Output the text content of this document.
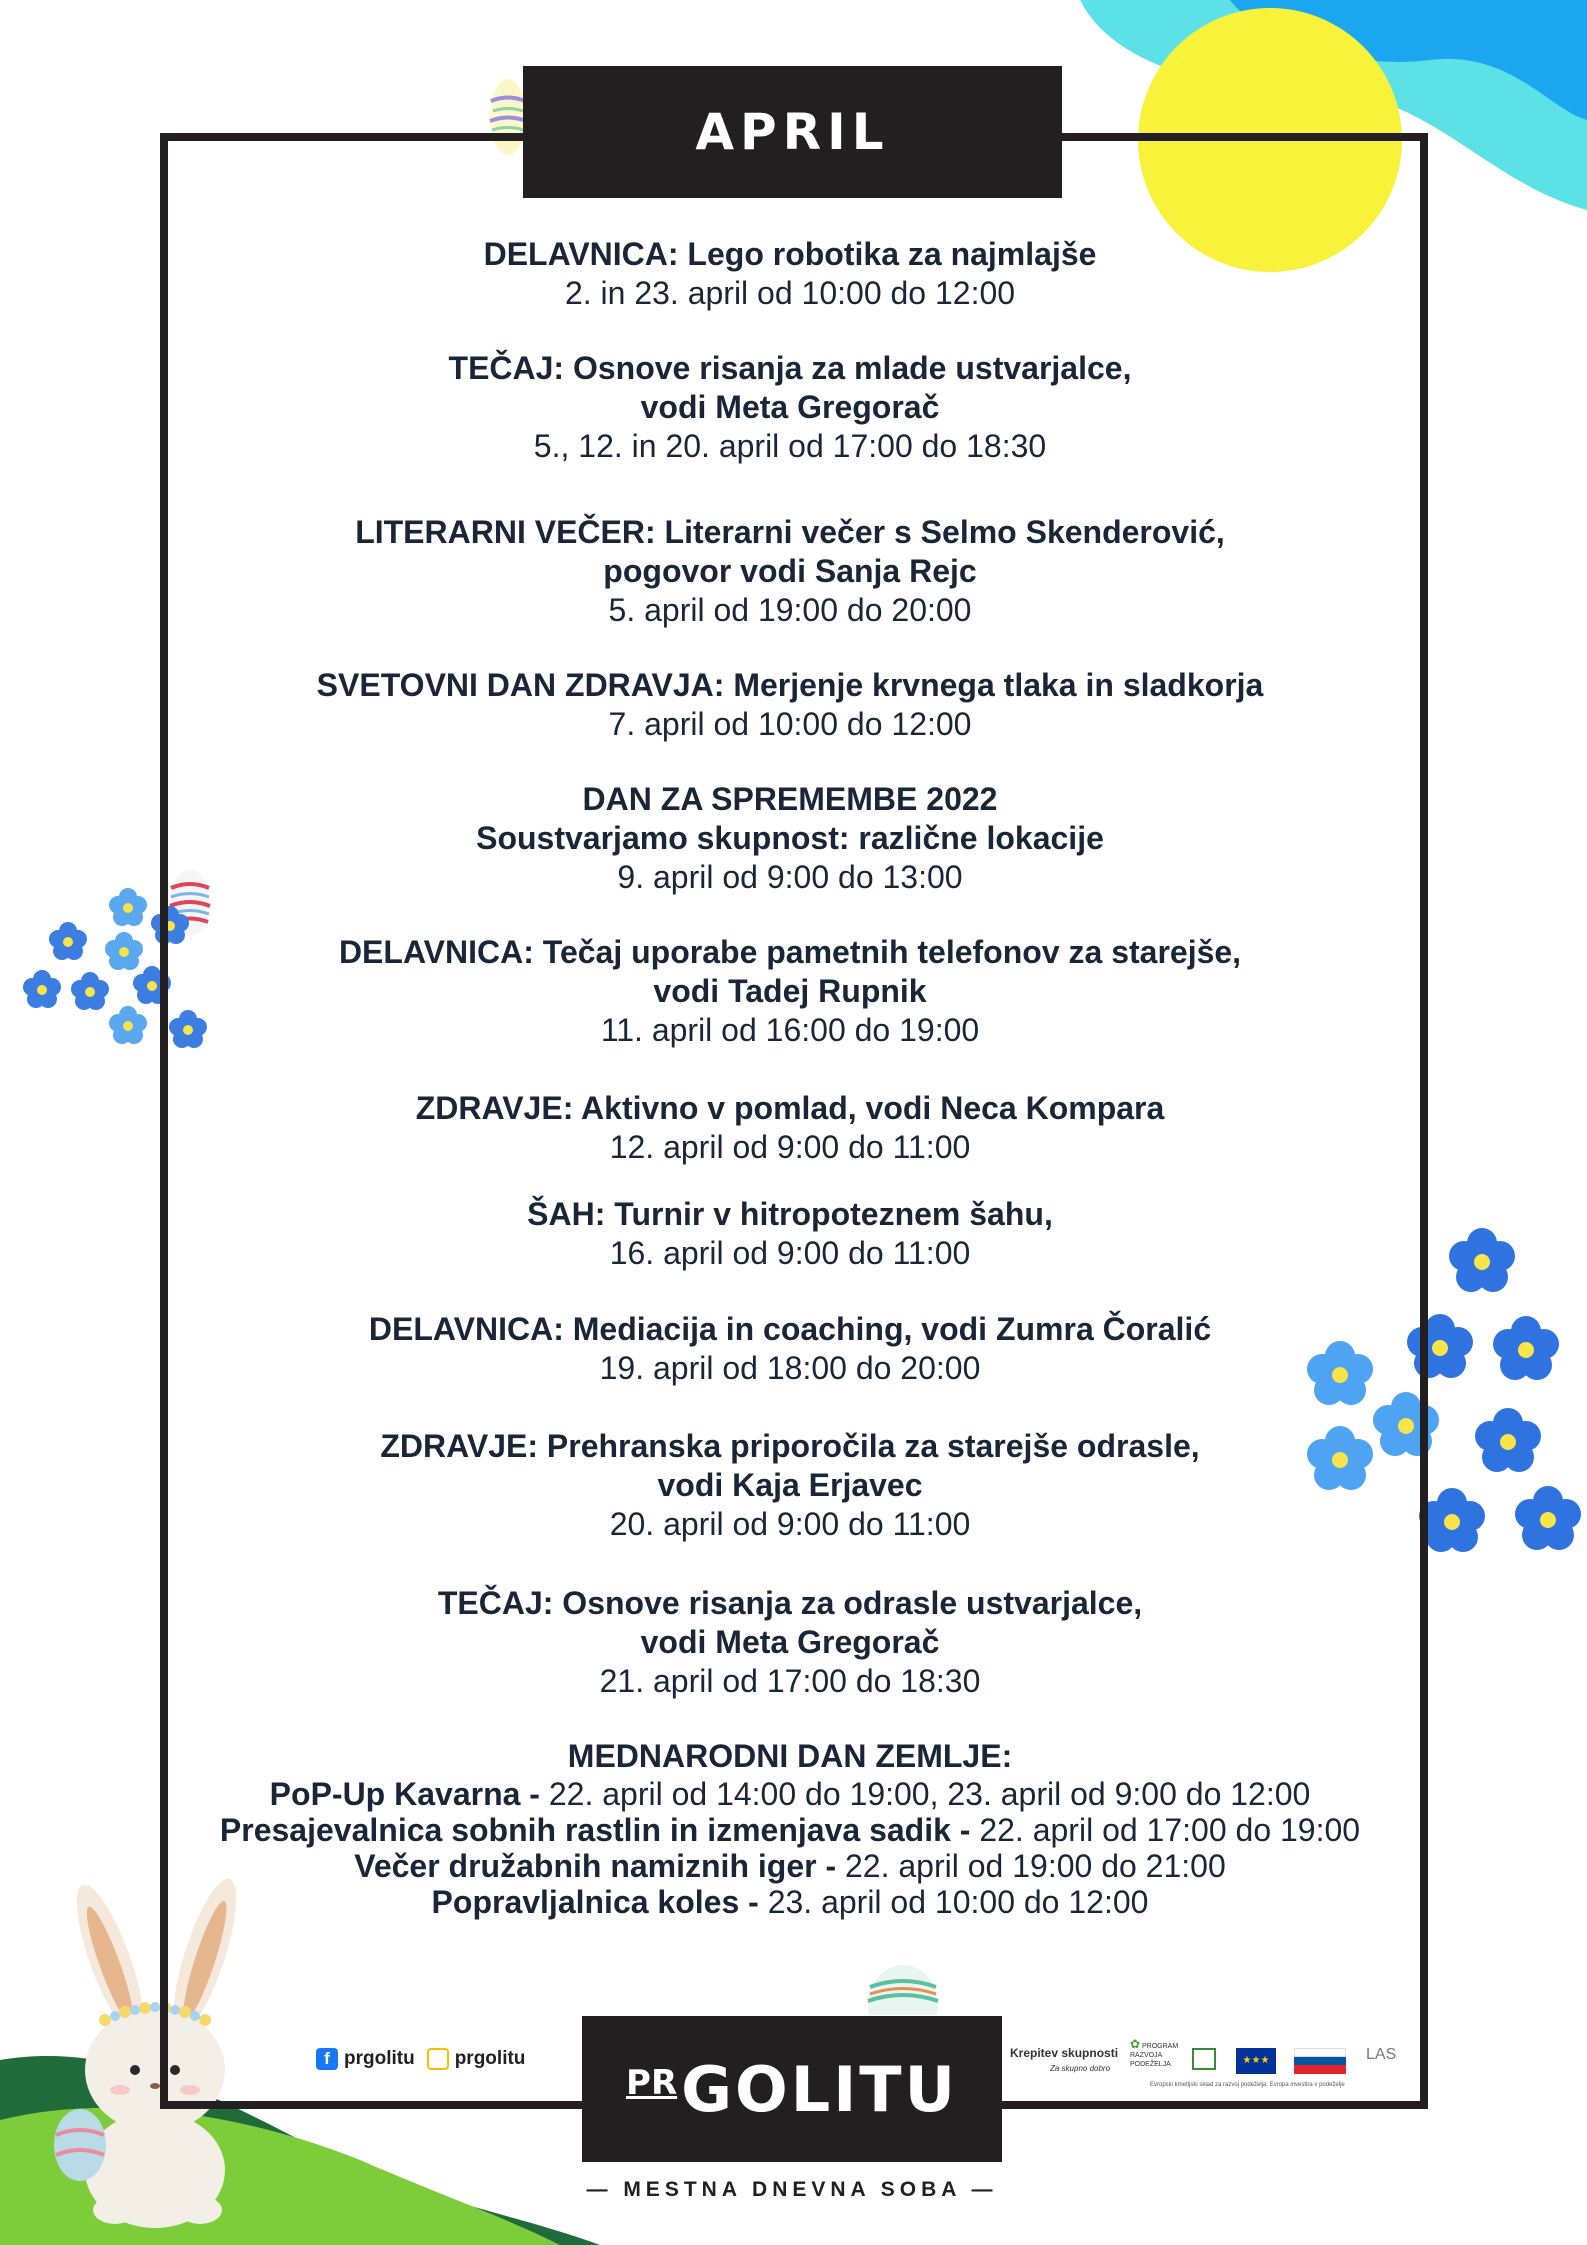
APRIL
DELAVNICA: Lego robotika za najmlajše
2. in 23. april od 10:00 do 12:00
TEČAJ: Osnove risanja za mlade ustvarjalce,
vodi Meta Gregorač
5., 12. in 20. april od 17:00 do 18:30
LITERARNI VEČER: Literarni večer s Selmo Skenderović,
pogovor vodi Sanja Rejc
5. april od 19:00 do 20:00
SVETOVNI DAN ZDRAVJA: Merjenje krvnega tlaka in sladkorja
7. april od 10:00 do 12:00
DAN ZA SPREMEMBE 2022
Soustvarjamo skupnost: različne lokacije
9. april od 9:00 do 13:00
DELAVNICA: Tečaj uporabe pametnih telefonov za starejše,
vodi Tadej Rupnik
11. april od 16:00 do 19:00
ZDRAVJE: Aktivno v pomlad, vodi Neca Kompara
12. april od 9:00 do 11:00
ŠAH: Turnir v hitropoteznem šahu,
16. april od 9:00 do 11:00
DELAVNICA: Mediacija in coaching, vodi Zumra Čoralić
19. april od 18:00 do 20:00
ZDRAVJE: Prehranska priporočila za starejše odrasle,
vodi Kaja Erjavec
20. april od 9:00 do 11:00
TEČAJ: Osnove risanja za odrasle ustvarjalce,
vodi Meta Gregorač
21. april od 17:00 do 18:30
MEDNARODNI DAN ZEMLJE:
PoP-Up Kavarna - 22. april od 14:00 do 19:00, 23. april od 9:00 do 12:00
Presajevalnica sobnih rastlin in izmenjava sadik - 22. april od 17:00 do 19:00
Večer družabnih namiznih iger - 22. april od 19:00 do 21:00
Popravljalnica koles - 23. april od 10:00 do 12:00
f prgolitu	prgolitu
PR GOLITU
— MESTNA DNEVNA SOBA —
Krepitev skupnosti
Za skupno dobro
✿ PROGRAM RAZVOJA PODEŽELJA	★★★	LAS
Evropski kmetijski sklad za razvoj podeželja: Evropa investira v podeželje
